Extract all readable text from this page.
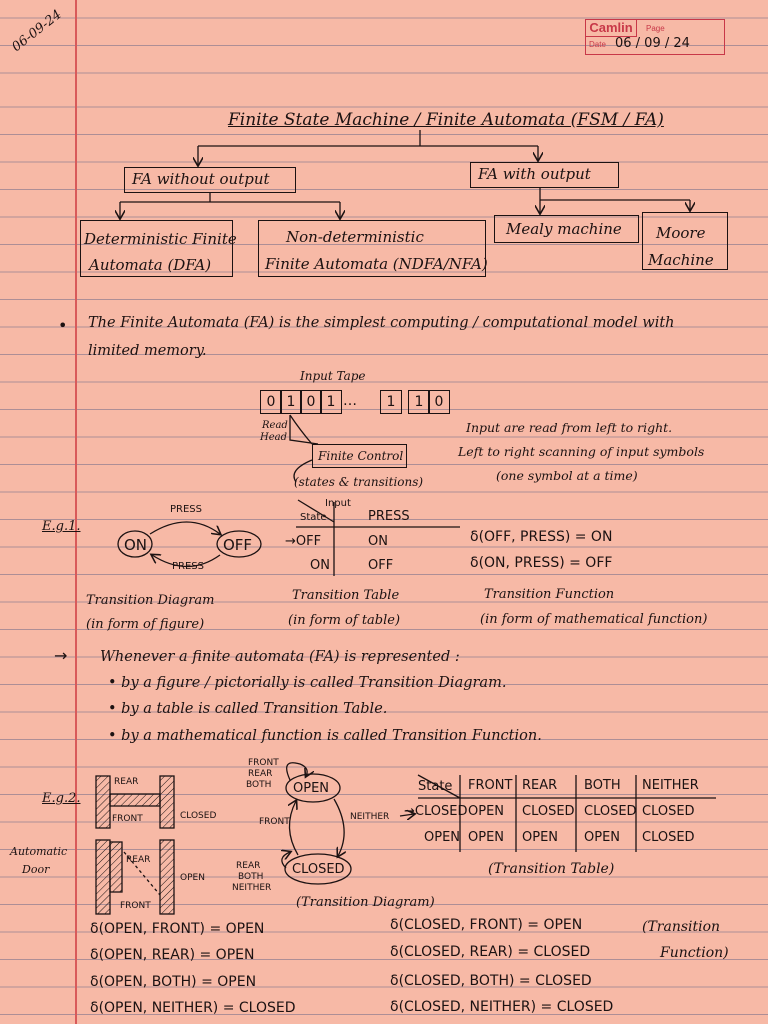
Camlin	Page
Date 06 / 09 / 24
06-09-24
Finite State Machine / Finite Automata (FSM / FA)
FA without output	FA with output
Deterministic Finite
Automata (DFA)
Non-deterministic
Finite Automata (NDFA/NFA)
Mealy machine Moore
Machine
• The Finite Automata (FA) is the simplest computing / computational model with
limited memory.
Input Tape
0 1 0 1 …	1	1 0
Read
Head
Finite Control
(states & transitions)
Input are read from left to right.
Left to right scanning of input symbols
(one symbol at a time)
E.g.1.
ON	OFF
PRESS
PRESS
State
Input
PRESS
→OFF	ON
ON	OFF
δ(OFF, PRESS) = ON
δ(ON, PRESS) = OFF
Transition Diagram
(in form of figure)
Transition Table
(in form of table)
Transition Function
(in form of mathematical function)
→ Whenever a finite automata (FA) is represented :
• by a figure / pictorially is called Transition Diagram.
• by a table is called Transition Table.
• by a mathematical function is called Transition Function.
E.g.2.
Automatic
Door
REAR
FRONT	CLOSED
REAR
OPEN
FRONT
OPEN
CLOSED
FRONT
REAR
BOTH
REAR
BOTH
NEITHER
FRONT	NEITHER
(Transition Diagram)
State FRONT REAR BOTH NEITHER
→CLOSED OPEN CLOSED CLOSED CLOSED
OPEN OPEN OPEN OPEN CLOSED
(Transition Table)
δ(OPEN, FRONT) = OPEN
δ(OPEN, REAR) = OPEN
δ(OPEN, BOTH) = OPEN
δ(OPEN, NEITHER) = CLOSED
δ(CLOSED, FRONT) = OPEN
δ(CLOSED, REAR) = CLOSED
δ(CLOSED, BOTH) = CLOSED
δ(CLOSED, NEITHER) = CLOSED
(Transition
Function)
